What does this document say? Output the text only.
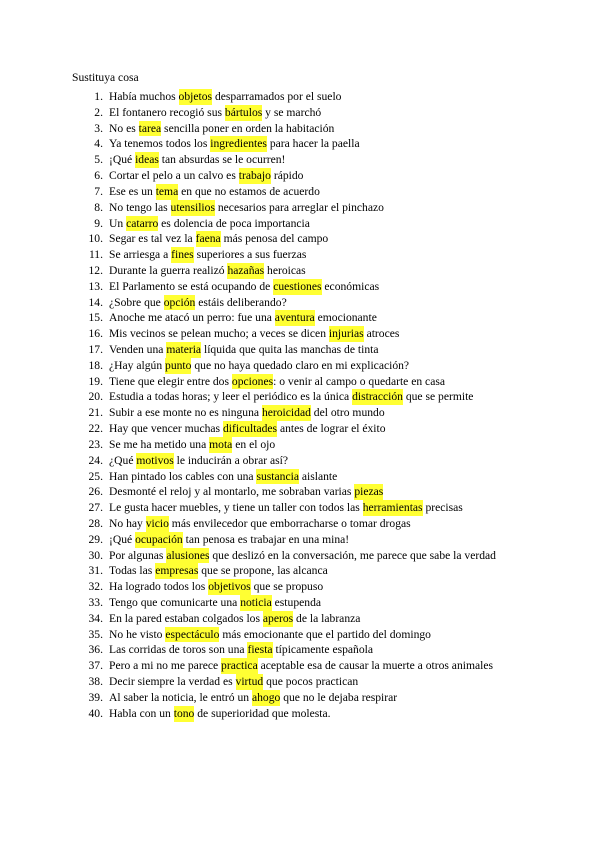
Sustituya cosa
1. Había muchos objetos desparramados por el suelo
2. El fontanero recogió sus bártulos y se marchó
3. No es tarea sencilla poner en orden la habitación
4. Ya tenemos todos los ingredientes para hacer la paella
5. ¡Qué ideas tan absurdas se le ocurren!
6. Cortar el pelo a un calvo es trabajo rápido
7. Ese es un tema en que no estamos de acuerdo
8. No tengo las utensilios necesarios para arreglar el pinchazo
9. Un catarro es dolencia de poca importancia
10. Segar es tal vez la faena más penosa del campo
11. Se arriesga a fines superiores a sus fuerzas
12. Durante la guerra realizó hazañas heroicas
13. El Parlamento se está ocupando de cuestiones económicas
14. ¿Sobre que opción estáis deliberando?
15. Anoche me atacó un perro: fue una aventura emocionante
16. Mis vecinos se pelean mucho; a veces se dicen injurias atroces
17. Venden una materia líquida que quita las manchas de tinta
18. ¿Hay algún punto que no haya quedado claro en mi explicación?
19. Tiene que elegir entre dos opciones : o venir al campo o quedarte en casa
20. Estudia a todas horas; y leer el periódico es la única distracción que se permite
21. Subir a ese monte no es ninguna heroicidad del otro mundo
22. Hay que vencer muchas dificultades antes de lograr el éxito
23. Se me ha metido una mota en el ojo
24. ¿Qué motivos le inducirán a obrar así?
25. Han pintado los cables con una sustancia aislante
26. Desmonté el reloj y al montarlo, me sobraban varias piezas
27. Le gusta hacer muebles, y tiene un taller con todos las herramientas precisas
28. No hay vicio más envilecedor que emborracharse o tomar drogas
29. ¡Qué ocupación tan penosa es trabajar en una mina!
30. Por algunas alusiones que deslizó en la conversación, me parece que sabe la verdad
31. Todas las empresas que se propone, las alcanca
32. Ha logrado todos los objetivos que se propuso
33. Tengo que comunicarte una noticia estupenda
34. En la pared estaban colgados los aperos de la labranza
35. No he visto espectáculo más emocionante que el partido del domingo
36. Las corridas de toros son una fiesta típicamente española
37. Pero a mi no me parece practica aceptable esa de causar la muerte a otros animales
38. Decir siempre la verdad es virtud que pocos practican
39. Al saber la noticia, le entró un ahogo que no le dejaba respirar
40. Habla con un tono de superioridad que molesta.
